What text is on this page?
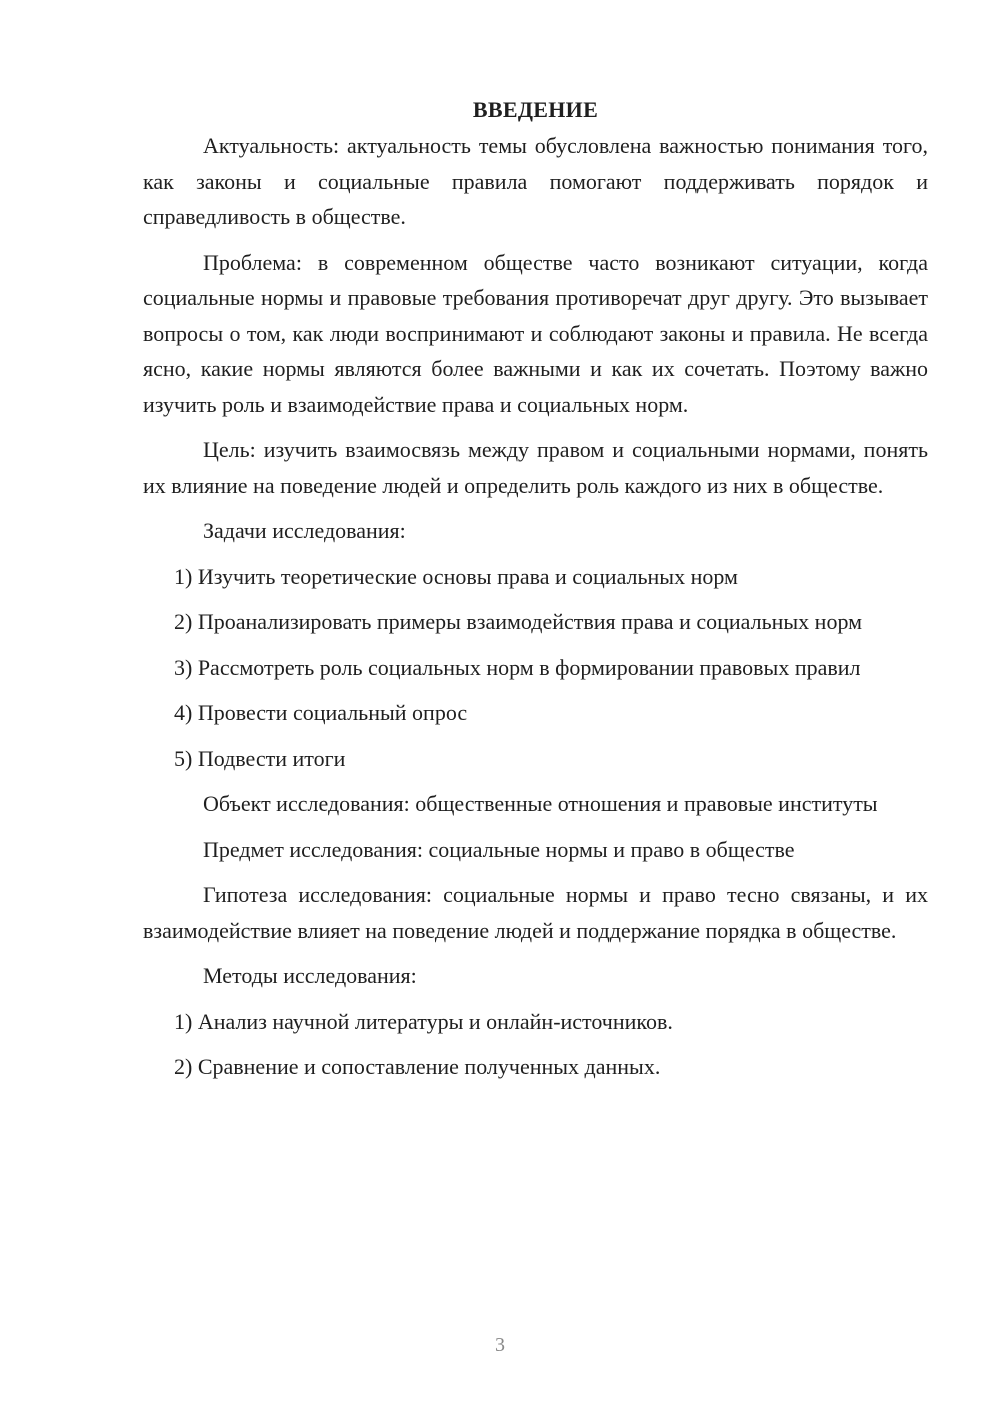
ВВЕДЕНИЕ

Актуальность: актуальность темы обусловлена важностью понимания того, как законы и социальные правила помогают поддерживать порядок и справедливость в обществе.

Проблема: в современном обществе часто возникают ситуации, когда социальные нормы и правовые требования противоречат друг другу. Это вызывает вопросы о том, как люди воспринимают и соблюдают законы и правила. Не всегда ясно, какие нормы являются более важными и как их сочетать. Поэтому важно изучить роль и взаимодействие права и социальных норм.

Цель: изучить взаимосвязь между правом и социальными нормами, понять их влияние на поведение людей и определить роль каждого из них в обществе.

Задачи исследования:

1) Изучить теоретические основы права и социальных норм

2) Проанализировать примеры взаимодействия права и социальных норм

3) Рассмотреть роль социальных норм в формировании правовых правил

4) Провести социальный опрос

5) Подвести итоги

Объект исследования: общественные отношения и правовые институты

Предмет исследования: социальные нормы и право в обществе

Гипотеза исследования: социальные нормы и право тесно связаны, и их взаимодействие влияет на поведение людей и поддержание порядка в обществе.

Методы исследования:

1) Анализ научной литературы и онлайн-источников.

2) Сравнение и сопоставление полученных данных.

3
